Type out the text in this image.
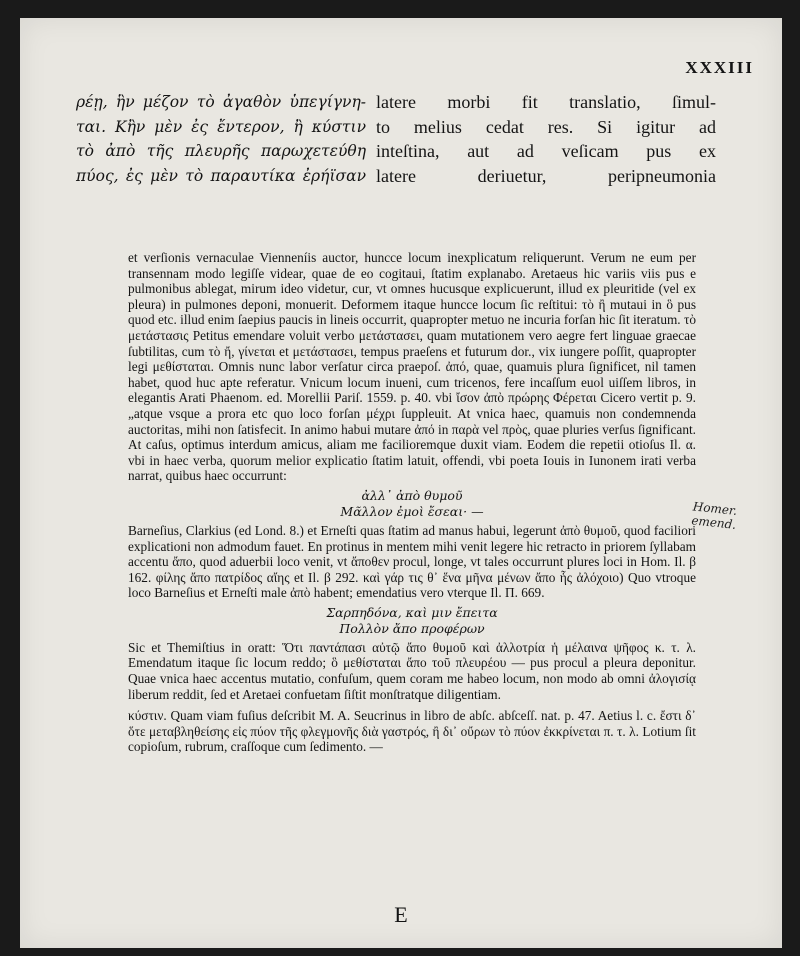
XXXIII
ρέῃ, ἣν μέζον τὸ ἀγαθὸν ὑπεγίγνη-
ται. Κἢν μὲν ἐς ἔντερον, ἢ κύστιν
τὸ ἀπὸ τῆς πλευρῆς παρωχετεύθη
πύος, ἐς μὲν τὸ παραυτίκα ἐρήϊσαν
latere morbi fit translatio, ſimul-
to melius cedat res. Si igitur ad
inteſtina, aut ad veſicam pus ex
latere deriuetur, peripneumonia

et verſionis vernaculae Vienneníis auctor, huncce locum inexplicatum reliquerunt. Verum ne eum per transennam modo legiſſe videar, quae de eo cogitaui, ſtatim explanabo. Aretaeus hic variis viis pus e pulmonibus ablegat, mirum ideo videtur, cur, vt omnes hucusque explicuerunt, illud ex pleuritide (vel ex pleura) in pulmones deponi, monuerit. Deformem itaque huncce locum ſic reſtitui: τὸ ἢ mutaui in ὃ pus quod etc. illud enim ſaepius paucis in lineis occurrit, quapropter metuo ne incuria forſan hic ſit iteratum. τὸ μετάστασις Petitus emendare voluit verbo μετάστασει, quam mutationem vero aegre fert linguae graecae ſubtilitas, cum τὸ ἤ, γίνεται et μετάστασει, tempus praeſens et futurum dor., vix iungere poſſit, quapropter legi μεθίσταται. Omnis nunc labor verſatur circa praepoſ. ἀπό, quae, quamuis plura ſignificet, nil tamen habet, quod huc apte referatur. Vnicum locum inueni, cum tricenos, fere incaſſum euol uiſſem libros, in elegantis Arati Phaenom. ed. Morellii Pariſ. 1559. p. 40. vbi ἴσον ἀπὸ πρώρης Φέρεται Cicero vertit p. 9. „atque vsque a prora etc quo loco forſan μέχρι ſuppleuit. At vnica haec, quamuis non condemnenda auctoritas, mihi non ſatisfecit. In animo habui mutare ἀπό in παρὰ vel πρὸς, quae pluries verſus ſignificant. At caſus, optimus interdum amicus, aliam me facilioremque duxit viam. Eodem die repetii otioſus Il. α. vbi in haec verba, quorum melior explicatio ſtatim latuit, offendi, vbi poeta Iouis in Iunonem irati verba narrat, quibus haec occurrunt:

ἀλλ᾽ ἀπὸ θυμοῦ
Μᾶλλον ἐμοὶ ἔσεαι· —

Barneſius, Clarkius (ed Lond. 8.) et Erneſti quas ſtatim ad manus habui, legerunt ἀπὸ θυμοῦ, quod faciliori explicationi non admodum fauet. En protinus in mentem mihi venit legere hic retracto in priorem ſyllabam accentu ἄπο, quod aduerbii loco venit, vt ἄποθεν procul, longe, vt tales occurrunt plures loci in Hom. Il. β 162. φίλης ἄπο πατρίδος αἴης et Il. β 292. καὶ γάρ τις θ᾽ ἕνα μῆνα μένων ἄπο ἧς ἀλόχοιο) Quo vtroque loco Barneſius et Erneſti male ἀπὸ habent; emendatius vero vterque Il. Π. 669.

Σαρπηδόνα, καὶ μιν ἔπειτα
Πολλὸν ἄπο προφέρων

Sic et Themiſtius in oratt: Ὅτι παντάπασι αὐτῷ ἄπο θυμοῦ καὶ ἀλλοτρία ἡ μέλαινα ψῆφος κ. τ. λ. Emendatum itaque ſic locum reddo; ὃ μεθίσταται ἄπο τοῦ πλευρέου — pus procul a pleura deponitur. Quae vnica haec accentus mutatio, confuſum, quem coram me habeo locum, non modo ab omni ἀλογισίᾳ liberum reddit, ſed et Aretaei confuetam ſiſtit monſtratque diligentiam.

κύστιν. Quam viam fuſius deſcribit M. A. Seucrinus in libro de abſc. abſceſſ. nat. p. 47. Aetius l. c. ἔστι δ᾽ ὅτε μεταβληθείσης εἰς πύον τῆς φλεγμονῆς διὰ γαστρός, ἢ δι᾽ οὔρων τὸ πύον ἐκκρίνεται π. τ. λ. Lotium ſit copioſum, rubrum, craſſoque cum ſedimento. —

Homer. emend.
E
